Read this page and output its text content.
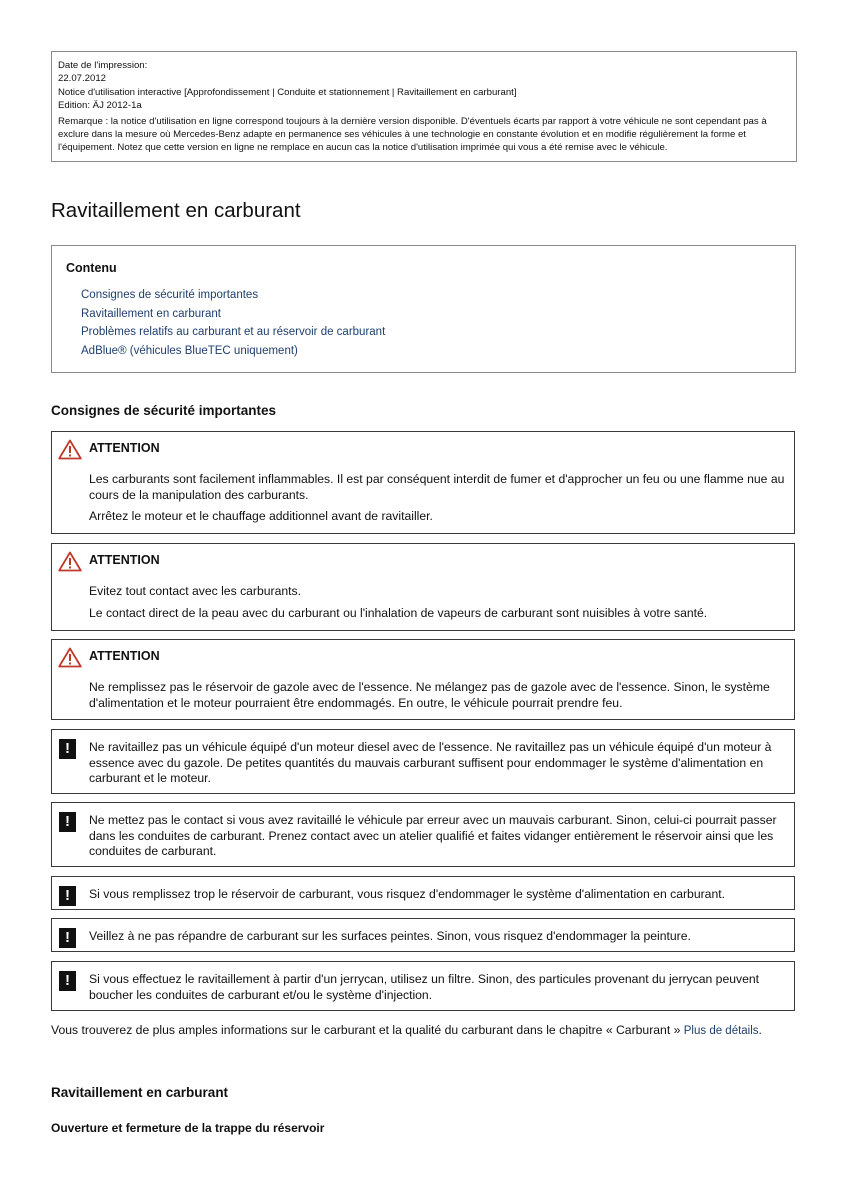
Date de l'impression:

22.07.2012

Notice d'utilisation interactive [Approfondissement | Conduite et stationnement | Ravitaillement en carburant]

Edition: ÄJ 2012-1a

Remarque : la notice d'utilisation en ligne correspond toujours à la dernière version disponible. D'éventuels écarts par rapport à votre véhicule ne sont cependant pas à exclure dans la mesure où Mercedes-Benz adapte en permanence ses véhicules à une technologie en constante évolution et en modifie régulièrement la forme et l'équipement. Notez que cette version en ligne ne remplace en aucun cas la notice d'utilisation imprimée qui vous a été remise avec le véhicule.

Ravitaillement en carburant
Contenu
Consignes de sécurité importantes
Ravitaillement en carburant
Problèmes relatifs au carburant et au réservoir de carburant
AdBlue® (véhicules BlueTEC uniquement)
Consignes de sécurité importantes
ATTENTION

Les carburants sont facilement inflammables. Il est par conséquent interdit de fumer et d'approcher un feu ou une flamme nue au cours de la manipulation des carburants.

Arrêtez le moteur et le chauffage additionnel avant de ravitailler.

ATTENTION

Evitez tout contact avec les carburants.

Le contact direct de la peau avec du carburant ou l'inhalation de vapeurs de carburant sont nuisibles à votre santé.

ATTENTION

Ne remplissez pas le réservoir de gazole avec de l'essence. Ne mélangez pas de gazole avec de l'essence. Sinon, le système d'alimentation et le moteur pourraient être endommagés. En outre, le véhicule pourrait prendre feu.

!	Ne ravitaillez pas un véhicule équipé d'un moteur diesel avec de l'essence. Ne ravitaillez pas un véhicule équipé d'un moteur à essence avec du gazole. De petites quantités du mauvais carburant suffisent pour endommager le système d'alimentation en carburant et le moteur.
!	Ne mettez pas le contact si vous avez ravitaillé le véhicule par erreur avec un mauvais carburant. Sinon, celui-ci pourrait passer dans les conduites de carburant. Prenez contact avec un atelier qualifié et faites vidanger entièrement le réservoir ainsi que les conduites de carburant.
!	Si vous remplissez trop le réservoir de carburant, vous risquez d'endommager le système d'alimentation en carburant.
!	Veillez à ne pas répandre de carburant sur les surfaces peintes. Sinon, vous risquez d'endommager la peinture.
!	Si vous effectuez le ravitaillement à partir d'un jerrycan, utilisez un filtre. Sinon, des particules provenant du jerrycan peuvent boucher les conduites de carburant et/ou le système d'injection.

Vous trouverez de plus amples informations sur le carburant et la qualité du carburant dans le chapitre « Carburant » Plus de détails.

Ravitaillement en carburant
Ouverture et fermeture de la trappe du réservoir
